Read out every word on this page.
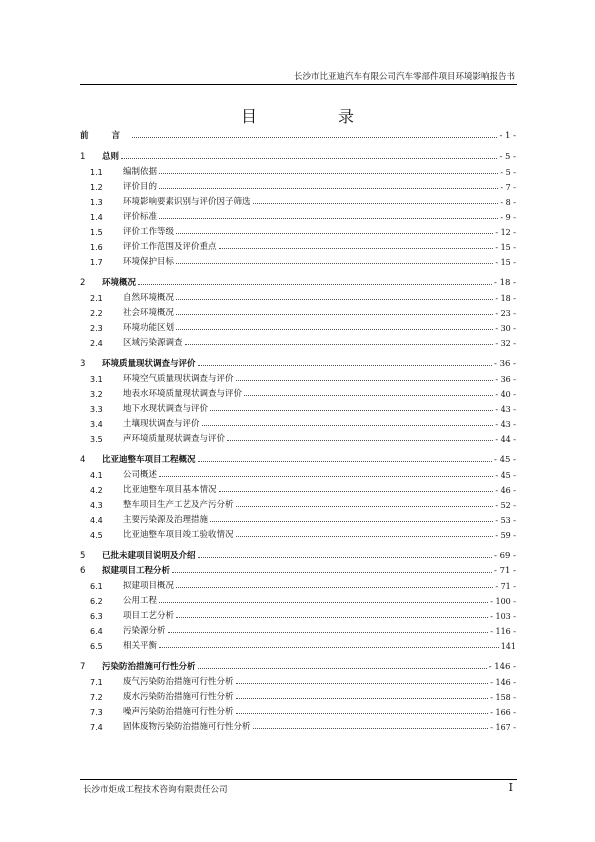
长沙市比亚迪汽车有限公司汽车零部件项目环境影响报告书
目 录
前 言	- 1 -
1	总则	- 5 -
1.1	编制依据	- 5 -
1.2	评价目的	- 7 -
1.3	环境影响要素识别与评价因子筛选	- 8 -
1.4	评价标准	- 9 -
1.5	评价工作等级	- 12 -
1.6	评价工作范围及评价重点	- 15 -
1.7	环境保护目标	- 15 -
2	环境概况	- 18 -
2.1	自然环境概况	- 18 -
2.2	社会环境概况	- 23 -
2.3	环境功能区划	- 30 -
2.4	区域污染源调查	- 32 -
3	环境质量现状调查与评价	- 36 -
3.1	环境空气质量现状调查与评价	- 36 -
3.2	地表水环境质量现状调查与评价	- 40 -
3.3	地下水现状调查与评价	- 43 -
3.4	土壤现状调查与评价	- 43 -
3.5	声环境质量现状调查与评价	- 44 -
4	比亚迪整车项目工程概况	- 45 -
4.1	公司概述	- 45 -
4.2	比亚迪整车项目基本情况	- 46 -
4.3	整车项目生产工艺及产污分析	- 52 -
4.4	主要污染源及治理措施	- 53 -
4.5	比亚迪整车项目竣工验收情况	- 59 -
5	已批未建项目说明及介绍	- 69 -
6	拟建项目工程分析	- 71 -
6.1	拟建项目概况	- 71 -
6.2	公用工程	- 100 -
6.3	项目工艺分析	- 103 -
6.4	污染源分析	- 116 -
6.5	相关平衡	141
7	污染防治措施可行性分析	- 146 -
7.1	废气污染防治措施可行性分析	- 146 -
7.2	废水污染防治措施可行性分析	- 158 -
7.3	噪声污染防治措施可行性分析	- 166 -
7.4	固体废物污染防治措施可行性分析	- 167 -
长沙市炬成工程技术咨询有限责任公司	I
